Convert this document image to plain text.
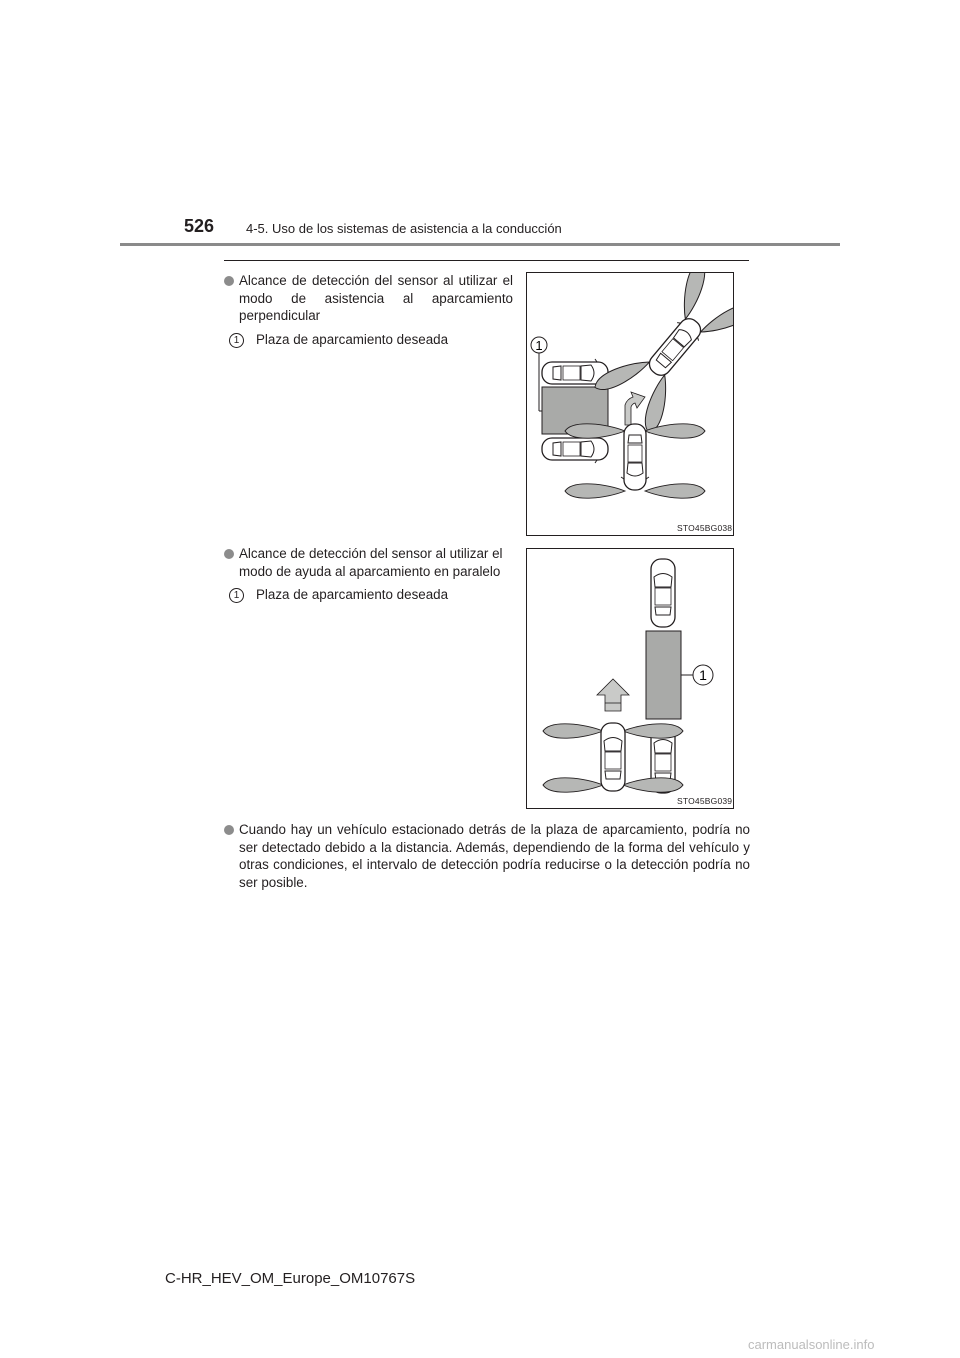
526 4-5. Uso de los sistemas de asistencia a la conducción
Alcance de detección del sensor al utilizar el modo de asistencia al aparcamiento perpendicular
1 Plaza de aparcamiento deseada	1
STO45BG038
Alcance de detección del sensor al utilizar el modo de ayuda al aparcamiento en paralelo
1 Plaza de aparcamiento deseada
1
STO45BG039
Cuando hay un vehículo estacionado detrás de la plaza de aparcamiento, podría no ser detectado debido a la distancia. Además, dependiendo de la forma del vehículo y otras condiciones, el intervalo de detección podría reducirse o la detección podría no ser posible.
C-HR_HEV_OM_Europe_OM10767S
carmanualsonline.info
